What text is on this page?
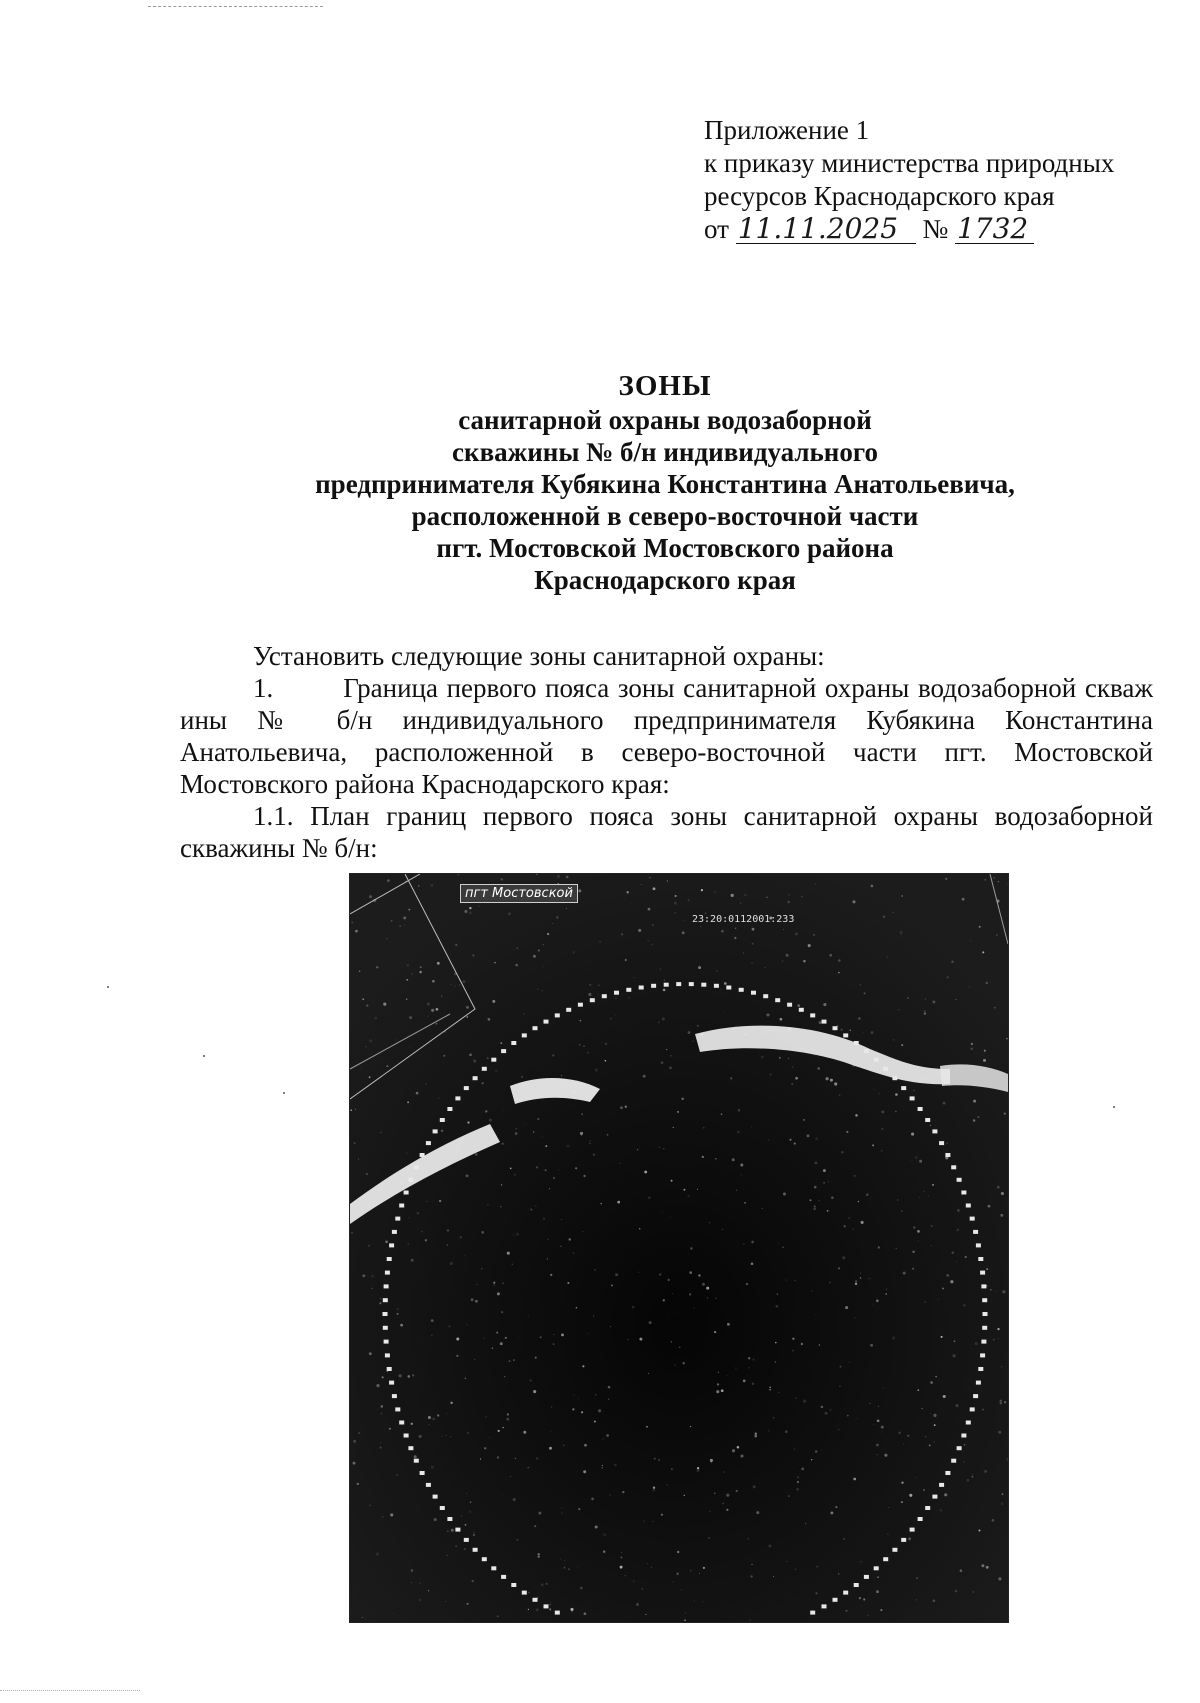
Приложение 1
к приказу министерства природных
ресурсов Краснодарского края
от 11.11.2025 № 1732
ЗОНЫ
санитарной охраны водозаборной
скважины № б/н индивидуального
предпринимателя Кубякина Константина Анатольевича,
расположенной в северо-восточной части
пгт. Мостовской Мостовского района
Краснодарского края
Установить следующие зоны санитарной охраны:
1.	Граница первого пояса зоны санитарной охраны водозаборной скваж ины № б/н индивидуального предпринимателя Кубякина Константина Анатольевича, расположенной в северо-восточной части пгт. Мостовской Мостовского района Краснодарского края:
1.1. План границ первого пояса зоны санитарной охраны водозаборной скважины № б/н:
пгт Мостовской
23:20:0112001:233
